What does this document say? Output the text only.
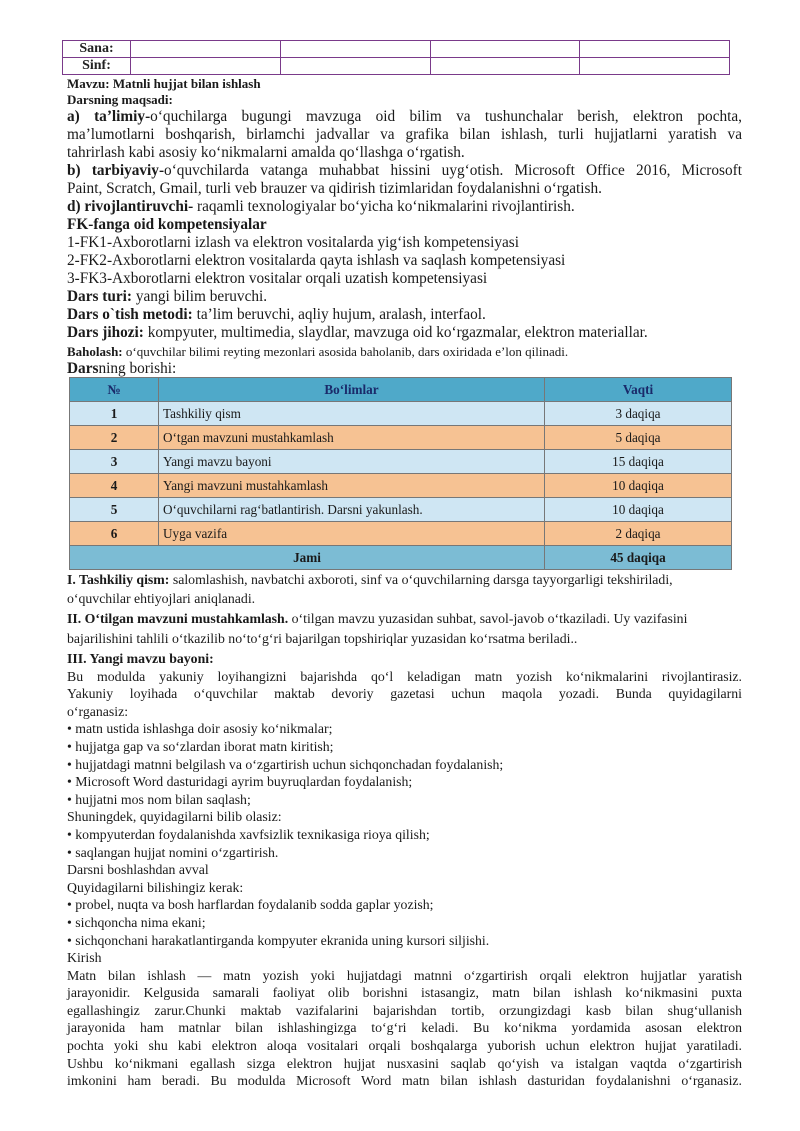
Sana:				
Sinf:				

Mavzu: Matnli hujjat bilan ishlash

Darsning maqsadi:

a) ta’limiy-o‘quchilarga bugungi mavzuga oid bilim va tushunchalar berish, elektron pochta,

ma’lumotlarni boshqarish, birlamchi jadvallar va grafika bilan ishlash, turli hujjatlarni yaratish va

tahrirlash kabi asosiy ko‘nikmalarni amalda qo‘llashga o‘rgatish.

b) tarbiyaviy-o‘quvchilarda vatanga muhabbat hissini uyg‘otish. Microsoft Office 2016, Microsoft

Paint, Scratch, Gmail, turli veb brauzer va qidirish tizimlaridan foydalanishni o‘rgatish.

d) rivojlantiruvchi- raqamli texnologiyalar bo‘yicha ko‘nikmalarini rivojlantirish.

FK-fanga oid kompetensiyalar

1-FK1-Axborotlarni izlash va elektron vositalarda yig‘ish kompetensiyasi

2-FK2-Axborotlarni elektron vositalarda qayta ishlash va saqlash kompetensiyasi

3-FK3-Axborotlarni elektron vositalar orqali uzatish kompetensiyasi

Dars turi: yangi bilim beruvchi.

Dars o`tish metodi: ta’lim beruvchi, aqliy hujum, aralash, interfaol.

Dars jihozi: kompyuter, multimedia, slaydlar, mavzuga oid ko‘rgazmalar, elektron materiallar.

Baholash: o‘quvchilar bilimi reyting mezonlari asosida baholanib, dars oxiridada e’lon qilinadi.

Darsning borishi:

№	Bo‘limlar	Vaqti
1	Tashkiliy qism	3 daqiqa
2	O‘tgan mavzuni mustahkamlash	5 daqiqa
3	Yangi mavzu bayoni	15 daqiqa
4	Yangi mavzuni mustahkamlash	10 daqiqa
5	O‘quvchilarni rag‘batlantirish. Darsni yakunlash.	10 daqiqa
6	Uyga vazifa	2 daqiqa
Jami		45 daqiqa

I. Tashkiliy qism: salomlashish, navbatchi axboroti, sinf va o‘quvchilarning darsga tayyorgarligi tekshiriladi,

o‘quvchilar ehtiyojlari aniqlanadi.

II. O‘tilgan mavzuni mustahkamlash. o‘tilgan mavzu yuzasidan suhbat, savol-javob o‘tkaziladi. Uy vazifasini

bajarilishini tahlili o‘tkazilib no‘to‘g‘ri bajarilgan topshiriqlar yuzasidan ko‘rsatma beriladi..

III. Yangi mavzu bayoni:

Bu modulda yakuniy loyihangizni bajarishda qo‘l keladigan matn yozish ko‘nikmalarini rivojlantirasiz.

Yakuniy loyihada o‘quvchilar maktab devoriy gazetasi uchun maqola yozadi. Bunda quyidagilarni

o‘rganasiz:

• matn ustida ishlashga doir asosiy ko‘nikmalar;
• hujjatga gap va so‘zlardan iborat matn kiritish;
• hujjatdagi matnni belgilash va o‘zgartirish uchun sichqonchadan foydalanish;
• Microsoft Word dasturidagi ayrim buyruqlardan foydalanish;
• hujjatni mos nom bilan saqlash;

Shuningdek, quyidagilarni bilib olasiz:

• kompyuterdan foydalanishda xavfsizlik texnikasiga rioya qilish;
• saqlangan hujjat nomini o‘zgartirish.

Darsni boshlashdan avval

Quyidagilarni bilishingiz kerak:

• probel, nuqta va bosh harflardan foydalanib sodda gaplar yozish;
• sichqoncha nima ekani;
• sichqonchani harakatlantirganda kompyuter ekranida uning kursori siljishi.

Kirish

Matn bilan ishlash — matn yozish yoki hujjatdagi matnni o‘zgartirish orqali elektron hujjatlar yaratish

jarayonidir. Kelgusida samarali faoliyat olib borishni istasangiz, matn bilan ishlash ko‘nikmasini puxta

egallashingiz zarur.Chunki maktab vazifalarini bajarishdan tortib, orzungizdagi kasb bilan shug‘ullanish

jarayonida ham matnlar bilan ishlashingizga to‘g‘ri keladi. Bu ko‘nikma yordamida asosan elektron

pochta yoki shu kabi elektron aloqa vositalari orqali boshqalarga yuborish uchun elektron hujjat yaratiladi.

Ushbu ko‘nikmani egallash sizga elektron hujjat nusxasini saqlab qo‘yish va istalgan vaqtda o‘zgartirish

imkonini ham beradi. Bu modulda Microsoft Word matn bilan ishlash dasturidan foydalanishni o‘rganasiz.
